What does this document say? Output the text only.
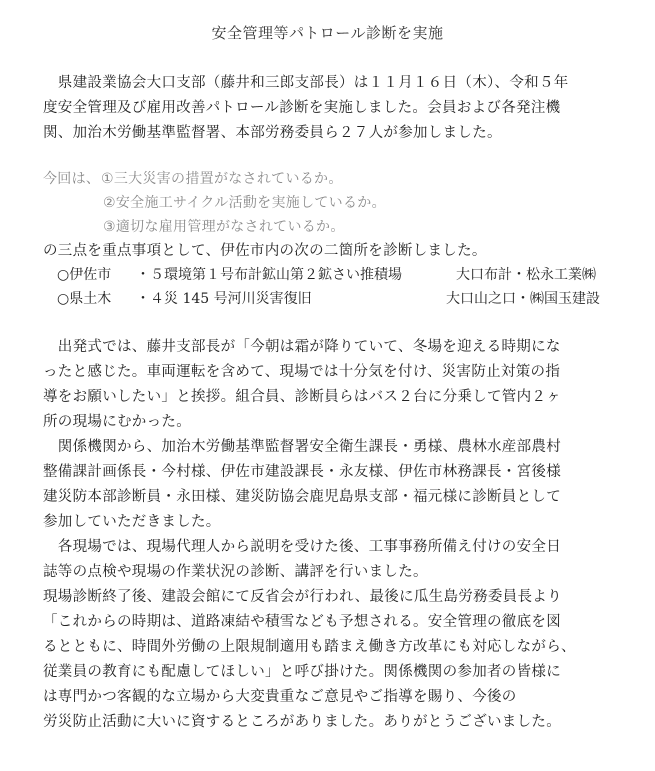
安全管理等パトロール診断を実施
　県建設業協会大口支部（藤井和三郎支部長）は１１月１６日（木）、令和５年
度安全管理及び雇用改善パトロール診断を実施しました。会員および各発注機
関、加治木労働基準監督署、本部労務委員ら２７人が参加しました。
今回は、 ①三大災害の措置がなされているか。
②安全施工サイクル活動を実施しているか。
③適切な雇用管理がなされているか。
の三点を重点事項として、伊佐市内の次の二箇所を診断しました。
○伊佐市 ・５環境第１号布計鉱山第２鉱さい推積場	大口布計・松永工業㈱
○県土木 ・４災 145 号河川災害復旧	大口山之口・㈱国玉建設
　出発式では、藤井支部長が「今朝は霜が降りていて、冬場を迎える時期にな
ったと感じた。車両運転を含めて、現場では十分気を付け、災害防止対策の指
導をお願いしたい」と挨拶。組合員、診断員らはバス２台に分乗して管内２ヶ
所の現場にむかった。
　関係機関から、加治木労働基準監督署安全衛生課長・勇様、農林水産部農村
整備課計画係長・今村様、伊佐市建設課長・永友様、伊佐市林務課長・宮後様
建災防本部診断員・永田様、建災防協会鹿児島県支部・福元様に診断員として
参加していただきました。
　各現場では、現場代理人から説明を受けた後、工事事務所備え付けの安全日
誌等の点検や現場の作業状況の診断、講評を行いました。
現場診断終了後、建設会館にて反省会が行われ、最後に瓜生島労務委員長より
「これからの時期は、道路凍結や積雪なども予想される。安全管理の徹底を図
るとともに、時間外労働の上限規制適用も踏まえ働き方改革にも対応しながら、
従業員の教育にも配慮してほしい」と呼び掛けた。関係機関の参加者の皆様に
は専門かつ客観的な立場から大変貴重なご意見やご指導を賜り、今後の
労災防止活動に大いに資するところがありました。ありがとうございました。
